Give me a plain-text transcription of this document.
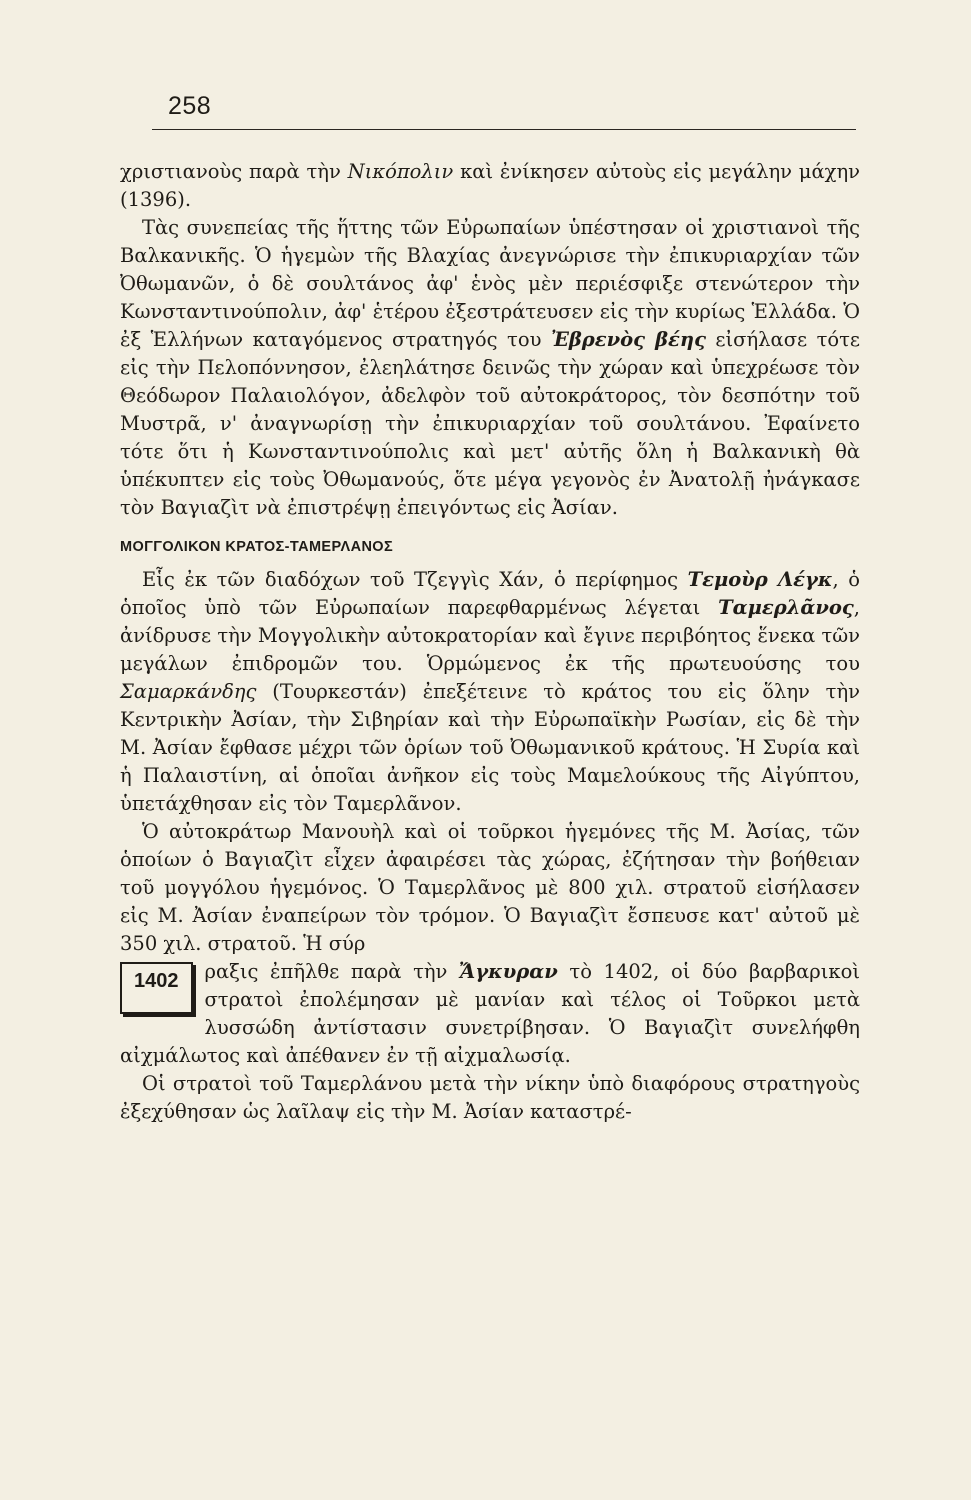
258

χριστιανοὺς παρὰ τὴν Νικόπολιν καὶ ἐνίκησεν αὐτοὺς εἰς μεγάλην μάχην (1396).

Τὰς συνεπείας τῆς ἥττης τῶν Εὐρωπαίων ὑπέστησαν οἱ χριστιανοὶ τῆς Βαλκανικῆς. Ὁ ἡγεμὼν τῆς Βλαχίας ἀνεγνώρισε τὴν ἐπικυριαρχίαν τῶν Ὀθωμανῶν, ὁ δὲ σουλτάνος ἀφ' ἑνὸς μὲν περιέσφιξε στενώτερον τὴν Κωνσταντινούπολιν, ἀφ' ἑτέρου ἐξεστράτευσεν εἰς τὴν κυρίως Ἑλλάδα. Ὁ ἐξ Ἑλλήνων καταγόμενος στρατηγός του Ἐβρενὸς βέης εἰσήλασε τότε εἰς τὴν Πελοπόννησον, ἐλεηλάτησε δεινῶς τὴν χώραν καὶ ὑπεχρέωσε τὸν Θεόδωρον Παλαιολόγον, ἀδελφὸν τοῦ αὐτοκράτορος, τὸν δεσπότην τοῦ Μυστρᾶ, ν' ἀναγνωρίσῃ τὴν ἐπικυριαρχίαν τοῦ σουλτάνου. Ἐφαίνετο τότε ὅτι ἡ Κωνσταντινούπολις καὶ μετ' αὐτῆς ὅλη ἡ Βαλκανικὴ θὰ ὑπέκυπτεν εἰς τοὺς Ὀθωμανούς, ὅτε μέγα γεγονὸς ἐν Ἀνατολῇ ἠνάγκασε τὸν Βαγιαζὶτ νὰ ἐπιστρέψῃ ἐπειγόντως εἰς Ἀσίαν.

ΜΟΓΓΟΛΙΚΟΝ ΚΡΑΤΟΣ-ΤΑΜΕΡΛΑΝΟΣ

Εἷς ἐκ τῶν διαδόχων τοῦ Τζεγγὶς Χάν, ὁ περίφημος Τεμοὺρ Λέγκ, ὁ ὁποῖος ὑπὸ τῶν Εὐρωπαίων παρεφθαρμένως λέγεται Ταμερλᾶνος, ἀνίδρυσε τὴν Μογγολικὴν αὐτοκρατορίαν καὶ ἔγινε περιβόητος ἕνεκα τῶν μεγάλων ἐπιδρομῶν του. Ὁρμώμενος ἐκ τῆς πρωτευούσης του Σαμαρκάνδης (Τουρκεστάν) ἐπεξέτεινε τὸ κράτος του εἰς ὅλην τὴν Κεντρικὴν Ἀσίαν, τὴν Σιβηρίαν καὶ τὴν Εὐρωπαϊκὴν Ρωσίαν, εἰς δὲ τὴν Μ. Ἀσίαν ἔφθασε μέχρι τῶν ὁρίων τοῦ Ὀθωμανικοῦ κράτους. Ἡ Συρία καὶ ἡ Παλαιστίνη, αἱ ὁποῖαι ἀνῆκον εἰς τοὺς Μαμελούκους τῆς Αἰγύπτου, ὑπετάχθησαν εἰς τὸν Ταμερλᾶνον.

Ὁ αὐτοκράτωρ Μανουὴλ καὶ οἱ τοῦρκοι ἡγεμόνες τῆς Μ. Ἀσίας, τῶν ὁποίων ὁ Βαγιαζὶτ εἶχεν ἀφαιρέσει τὰς χώρας, ἐζήτησαν τὴν βοήθειαν τοῦ μογγόλου ἡγεμόνος. Ὁ Ταμερλᾶνος μὲ 800 χιλ. στρατοῦ εἰσήλασεν εἰς Μ. Ἀσίαν ἐναπείρων τὸν τρόμον. Ὁ Βαγιαζὶτ ἔσπευσε κατ' αὐτοῦ μὲ 350 χιλ. στρατοῦ. Ἡ σύρ

1402	ραξις ἐπῆλθε παρὰ τὴν Ἄγκυραν τὸ 1402, οἱ δύο βαρβαρικοὶ στρατοὶ ἐπολέμησαν μὲ μανίαν καὶ τέλος οἱ Τοῦρκοι μετὰ λυσσώδη ἀντίστασιν συνετρίβησαν. Ὁ Βαγιαζὶτ συνελήφθη αἰχμάλωτος καὶ ἀπέθανεν ἐν τῇ αἰχμαλωσίᾳ.

Οἱ στρατοὶ τοῦ Ταμερλάνου μετὰ τὴν νίκην ὑπὸ διαφόρους στρατηγοὺς ἐξεχύθησαν ὡς λαῖλαψ εἰς τὴν Μ. Ἀσίαν καταστρέ-
